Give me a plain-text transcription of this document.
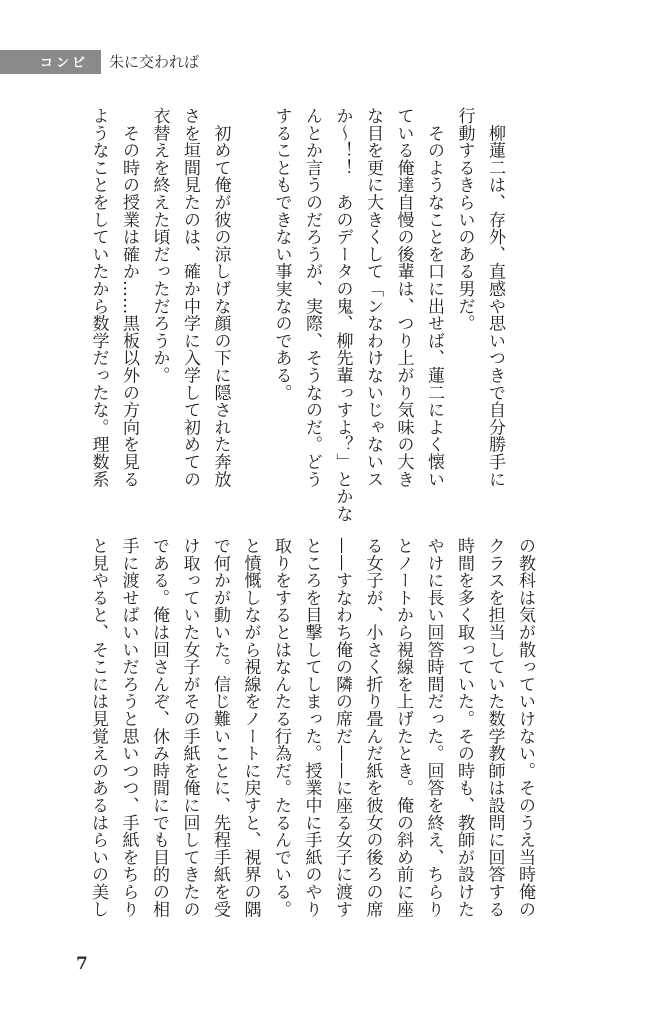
コンビ 朱に交われば
　柳蓮二は、存外、直感や思いつきで自分勝手に
行動するきらいのある男だ。
　そのようなことを口に出せば、蓮二によく懐い
ている俺達自慢の後輩は、つり上がり気味の大き
な目を更に大きくして「ンなわけないじゃないス
か〜！！　あのデータの鬼、柳先輩っすよ？」とかな
んとか言うのだろうが、実際、そうなのだ。どう
することもできない事実なのである。
　初めて俺が彼の涼しげな顔の下に隠された奔放
さを垣間見たのは、確か中学に入学して初めての
衣替えを終えた頃だっただろうか。
　その時の授業は確か……黒板以外の方向を見る
ようなことをしていたから数学だったな。理数系
の教科は気が散っていけない。そのうえ当時俺の
クラスを担当していた数学教師は設問に回答する
時間を多く取っていた。その時も、教師が設けた
やけに長い回答時間だった。回答を終え、ちらり
とノートから視線を上げたとき。俺の斜め前に座
る女子が、小さく折り畳んだ紙を彼女の後ろの席
——すなわち俺の隣の席だ——に座る女子に渡す
ところを目撃してしまった。授業中に手紙のやり
取りをするとはなんたる行為だ。たるんでいる。
と憤慨しながら視線をノートに戻すと、視界の隅
で何かが動いた。信じ難いことに、先程手紙を受
け取っていた女子がその手紙を俺に回してきたの
である。俺は回さんぞ、休み時間にでも目的の相
手に渡せばいいだろうと思いつつ、手紙をちらり
と見やると、そこには見覚えのあるはらいの美し
7
